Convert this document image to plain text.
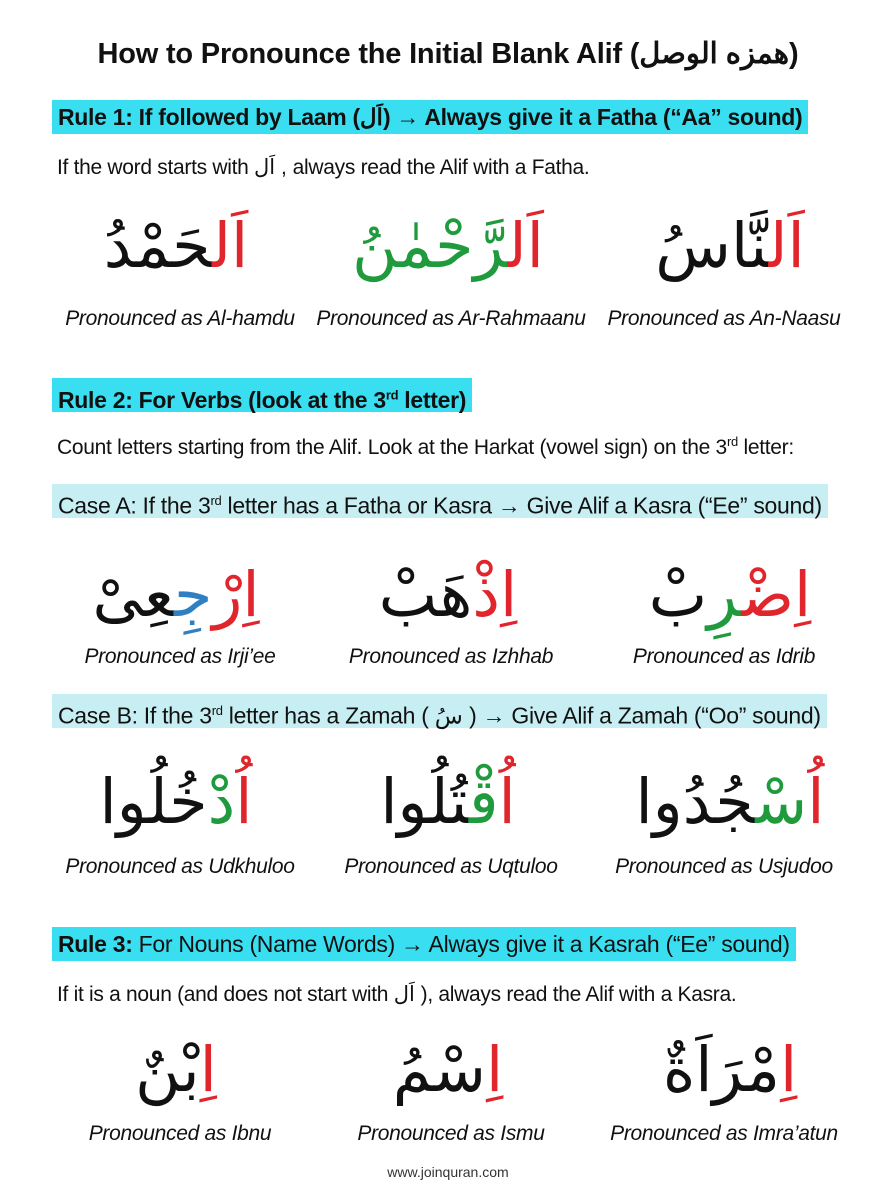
How to Pronounce the Initial Blank Alif (همزه الوصل)
Rule 1: If followed by Laam (اَل) → Always give it a Fatha (“Aa” sound)
If the word starts with اَل , always read the Alif with a Fatha.
اَلحَمْدُ	اَلرَّحْمٰنُ	اَلنَّاسُ
Pronounced as Al-hamdu	Pronounced as Ar-Rahmaanu	Pronounced as An-Naasu
Rule 2: For Verbs (look at the 3rd letter)
Count letters starting from the Alif. Look at the Harkat (vowel sign) on the 3rd letter:
Case A: If the 3rd letter has a Fatha or Kasra → Give Alif a Kasra (“Ee” sound)
اِرْجِعِیْ	اِذْهَبْ	اِضْرِبْ
Pronounced as Irji’ee	Pronounced as Izhhab	Pronounced as Idrib
Case B: If the 3rd letter has a Zamah ( سُ ) → Give Alif a Zamah (“Oo” sound)
اُدْخُلُوا	اُقْتُلُوا	اُسْجُدُوا
Pronounced as Udkhuloo	Pronounced as Uqtuloo	Pronounced as Usjudoo
Rule 3: For Nouns (Name Words) → Always give it a Kasrah (“Ee” sound)
If it is a noun (and does not start with اَل ), always read the Alif with a Kasra.
اِبْنٌ	اِسْمُ	اِمْرَاَةٌ
Pronounced as Ibnu	Pronounced as Ismu	Pronounced as Imra’atun
www.joinquran.com
